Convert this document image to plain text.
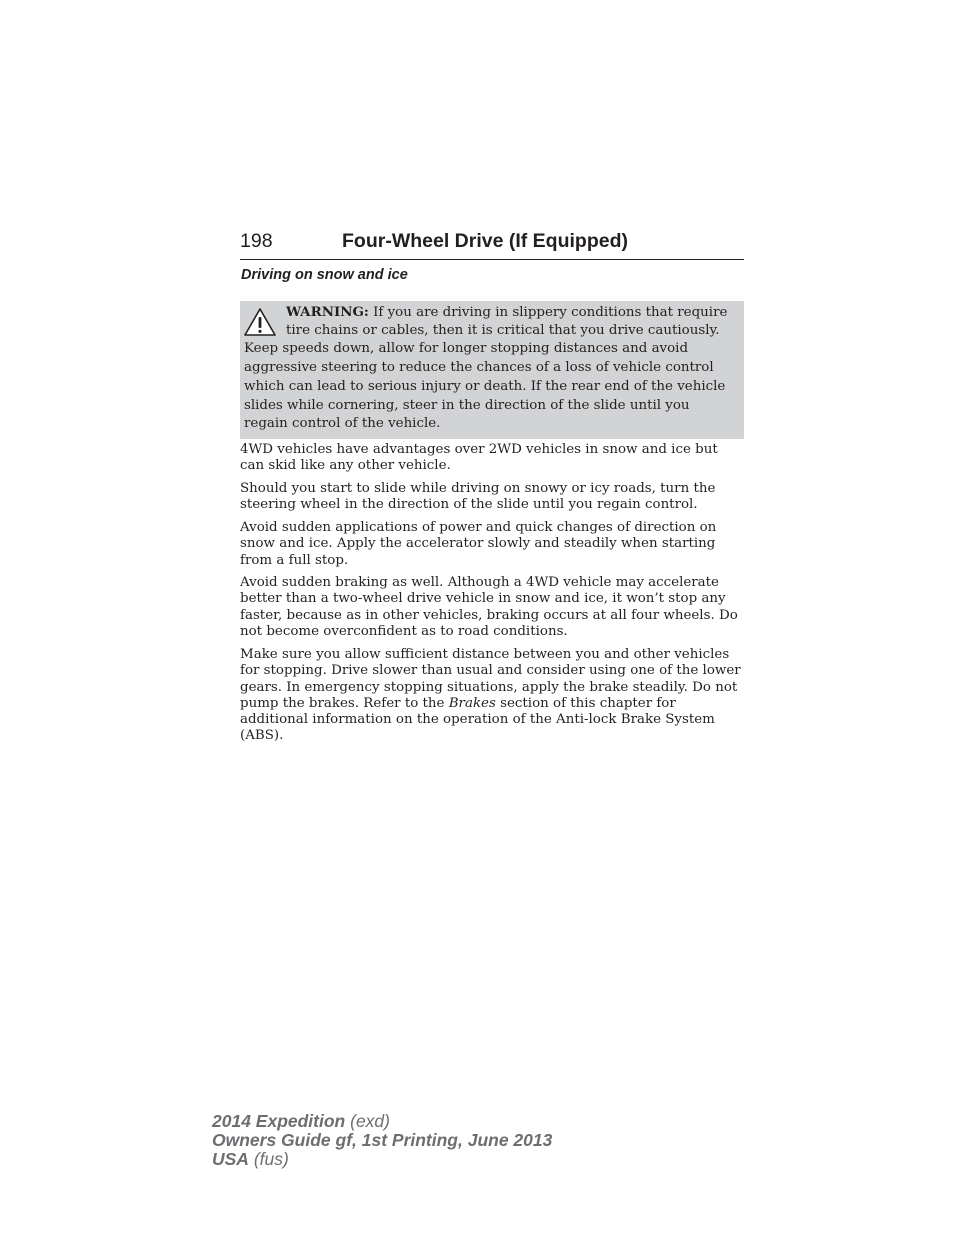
198	Four-Wheel Drive (If Equipped)
Driving on snow and ice
WARNING: If you are driving in slippery conditions that require
tire chains or cables, then it is critical that you drive cautiously.
Keep speeds down, allow for longer stopping distances and avoid
aggressive steering to reduce the chances of a loss of vehicle control
which can lead to serious injury or death. If the rear end of the vehicle
slides while cornering, steer in the direction of the slide until you
regain control of the vehicle.
4WD vehicles have advantages over 2WD vehicles in snow and ice but
can skid like any other vehicle.
Should you start to slide while driving on snowy or icy roads, turn the
steering wheel in the direction of the slide until you regain control.
Avoid sudden applications of power and quick changes of direction on
snow and ice. Apply the accelerator slowly and steadily when starting
from a full stop.
Avoid sudden braking as well. Although a 4WD vehicle may accelerate
better than a two-wheel drive vehicle in snow and ice, it won’t stop any
faster, because as in other vehicles, braking occurs at all four wheels. Do
not become overconfident as to road conditions.
Make sure you allow sufficient distance between you and other vehicles
for stopping. Drive slower than usual and consider using one of the lower
gears. In emergency stopping situations, apply the brake steadily. Do not
pump the brakes. Refer to the Brakes section of this chapter for
additional information on the operation of the Anti-lock Brake System
(ABS).
2014 Expedition (exd)
Owners Guide gf, 1st Printing, June 2013
USA (fus)
